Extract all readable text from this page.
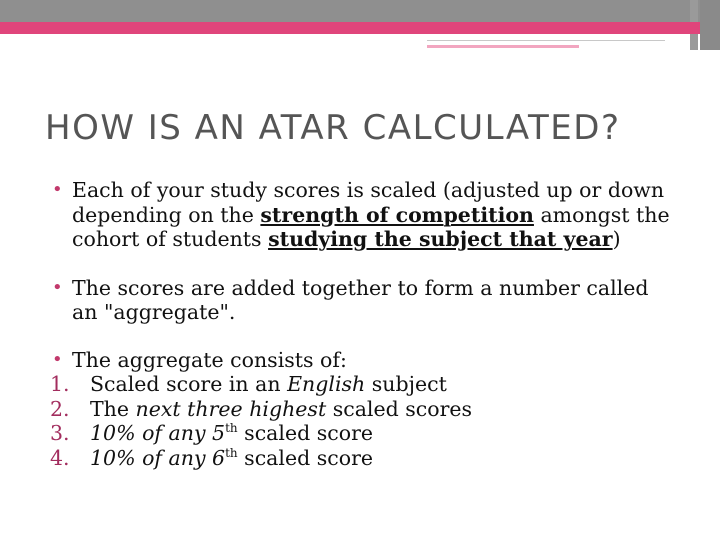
HOW IS AN ATAR CALCULATED?
• Each of your study scores is scaled (adjusted up or down depending on the strength of competition amongst the cohort of students studying the subject that year)
• The scores are added together to form a number called an "aggregate".
• The aggregate consists of:
1. Scaled score in an English subject
2. The next three highest scaled scores
3. 10% of any 5th scaled score
4. 10% of any 6th scaled score
